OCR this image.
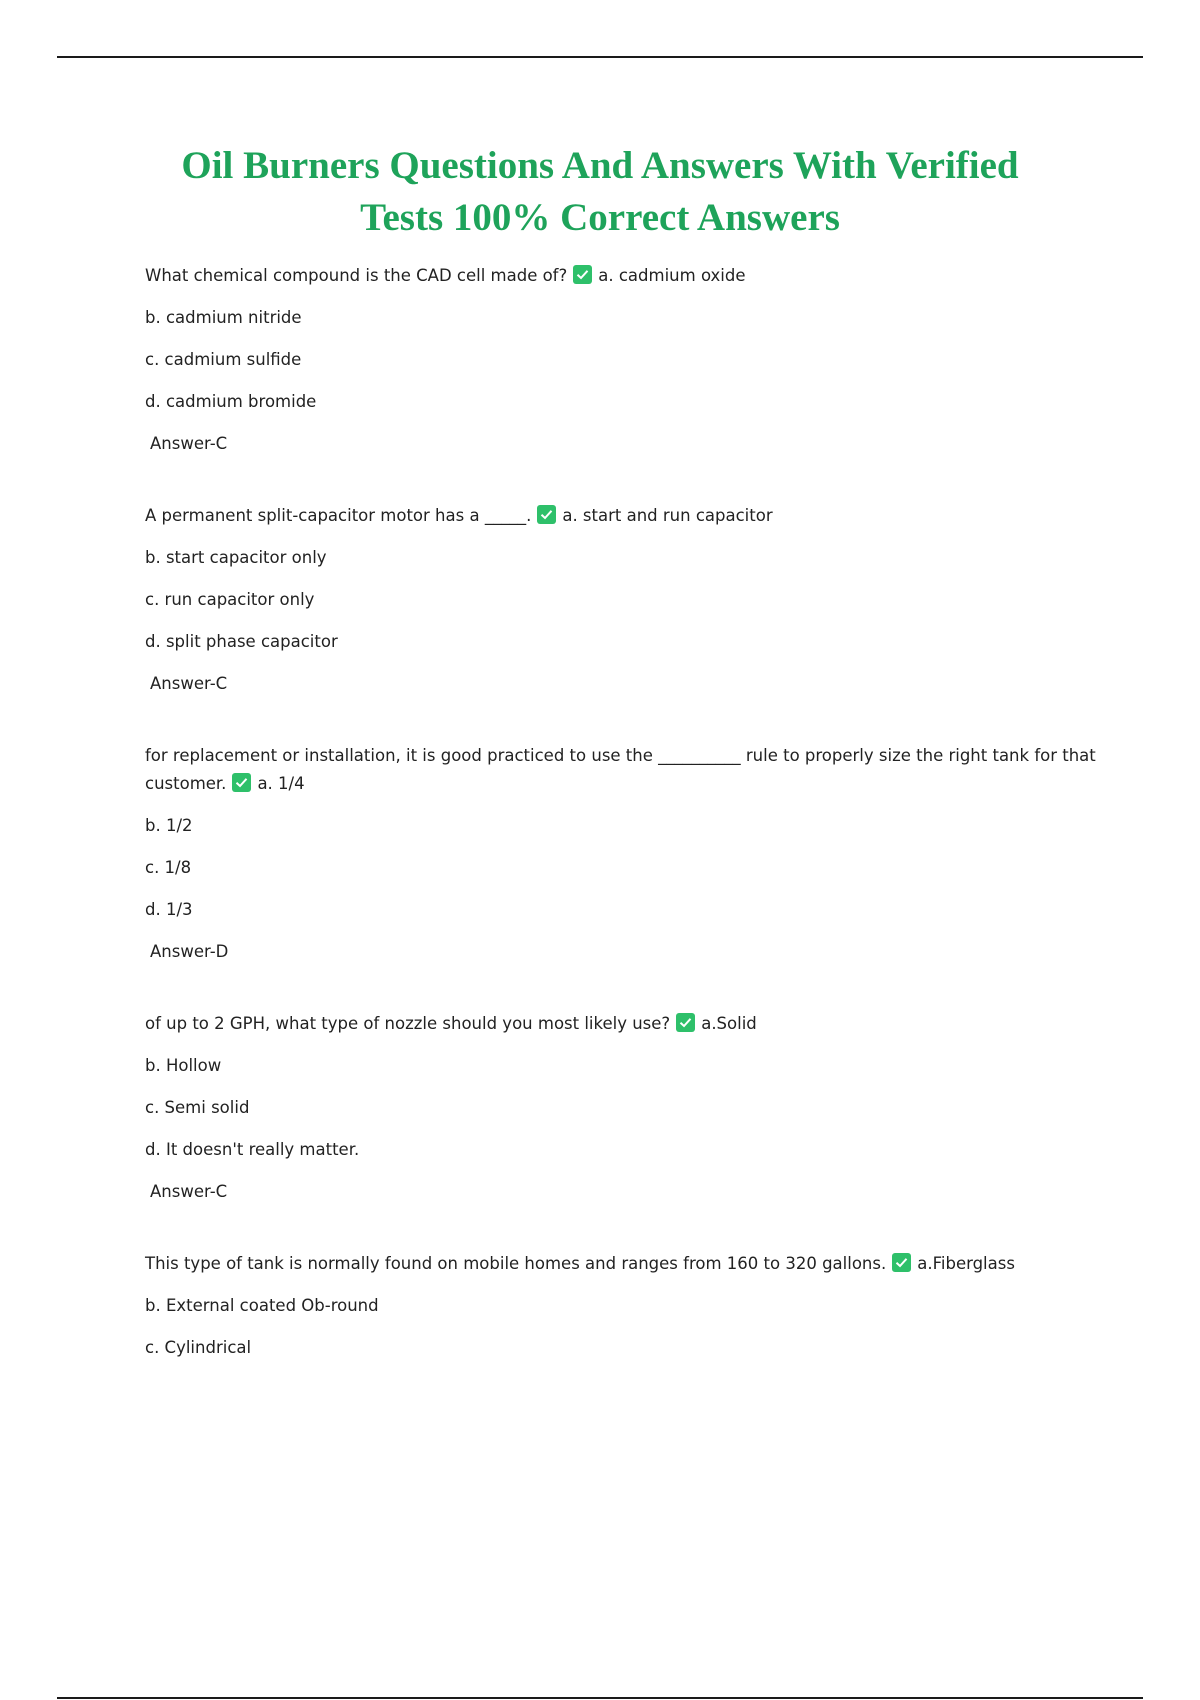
Oil Burners Questions And Answers With Verified
Tests 100% Correct Answers

What chemical compound is the CAD cell made of? a. cadmium oxide

b. cadmium nitride

c. cadmium sulfide

d. cadmium bromide

Answer-C

A permanent split-capacitor motor has a _____. a. start and run capacitor

b. start capacitor only

c. run capacitor only

d. split phase capacitor

Answer-C

for replacement or installation, it is good practiced to use the __________ rule to properly size the right tank for that customer. a. 1/4

b. 1/2

c. 1/8

d. 1/3

Answer-D

of up to 2 GPH, what type of nozzle should you most likely use? a.Solid

b. Hollow

c. Semi solid

d. It doesn't really matter.

Answer-C

This type of tank is normally found on mobile homes and ranges from 160 to 320 gallons. a.Fiberglass

b. External coated Ob-round

c. Cylindrical
